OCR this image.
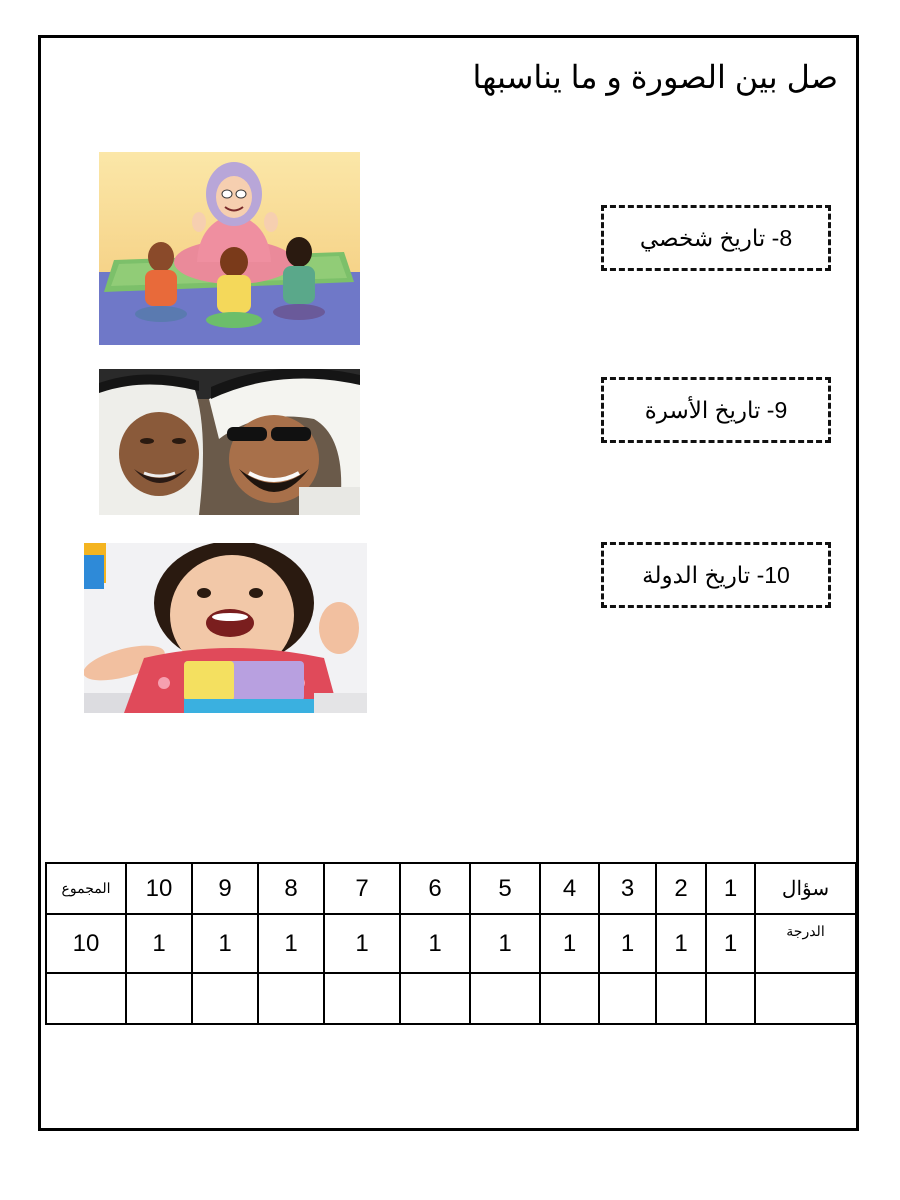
صل بين الصورة و ما يناسبها
8- تاريخ شخصي
9- تاريخ الأسرة
10- تاريخ الدولة
المجموع	10	9	8	7	6	5	4	3	2	1	سؤال
10	1	1	1	1	1	1	1	1	1	1	الدرجة
